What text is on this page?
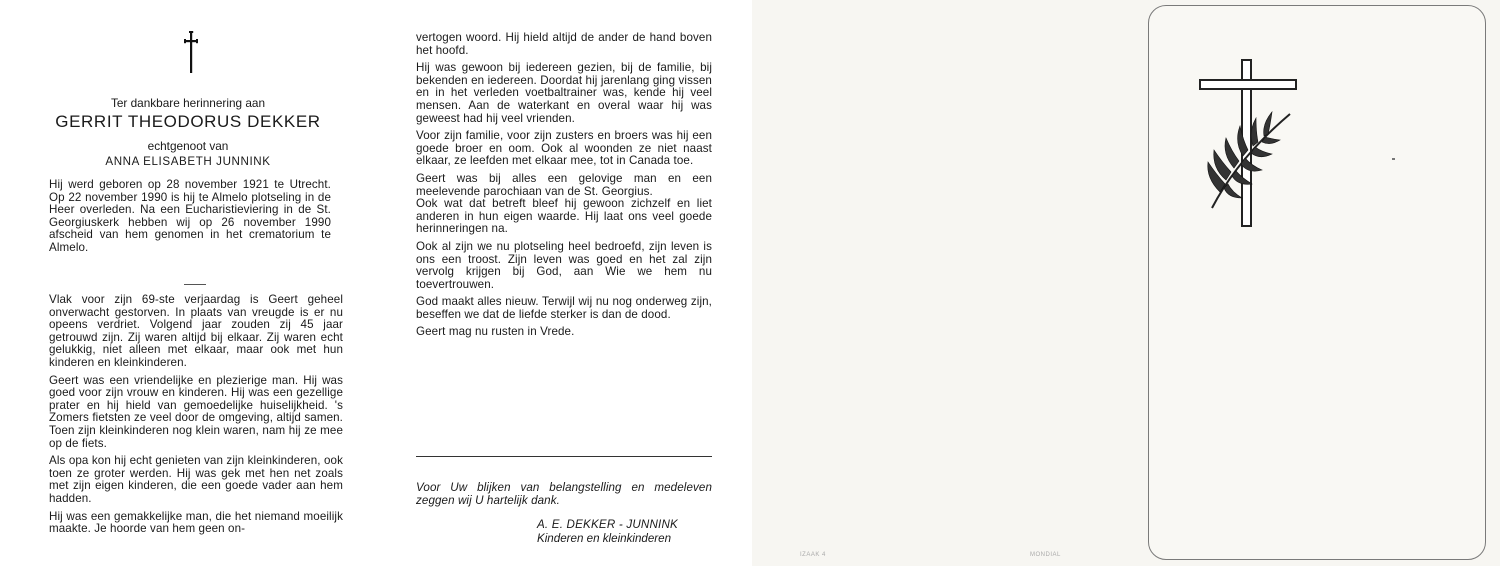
Ter dankbare herinnering aan
GERRIT THEODORUS DEKKER
echtgenoot van
ANNA ELISABETH JUNNINK
Hij werd geboren op 28 november 1921 te Utrecht. Op 22 november 1990 is hij te Almelo plotseling in de Heer overleden. Na een Eucharistieviering in de St. Georgiuskerk hebben wij op 26 november 1990 afscheid van hem genomen in het crematorium te Almelo.

Vlak voor zijn 69-ste verjaardag is Geert geheel onverwacht gestorven. In plaats van vreugde is er nu opeens verdriet. Volgend jaar zouden zij 45 jaar getrouwd zijn. Zij waren altijd bij elkaar. Zij waren echt gelukkig, niet alleen met elkaar, maar ook met hun kinderen en kleinkinderen.

Geert was een vriendelijke en plezierige man. Hij was goed voor zijn vrouw en kinderen. Hij was een gezellige prater en hij hield van gemoedelijke huiselijkheid. 's Zomers fietsten ze veel door de omgeving, altijd samen. Toen zijn kleinkinderen nog klein waren, nam hij ze mee op de fiets.

Als opa kon hij echt genieten van zijn kleinkinderen, ook toen ze groter werden. Hij was gek met hen net zoals met zijn eigen kinderen, die een goede vader aan hem hadden.

Hij was een gemakkelijke man, die het niemand moeilijk maakte. Je hoorde van hem geen on-

vertogen woord. Hij hield altijd de ander de hand boven het hoofd.

Hij was gewoon bij iedereen gezien, bij de familie, bij bekenden en iedereen. Doordat hij jarenlang ging vissen en in het verleden voetbaltrainer was, kende hij veel mensen. Aan de waterkant en overal waar hij was geweest had hij veel vrienden.

Voor zijn familie, voor zijn zusters en broers was hij een goede broer en oom. Ook al woonden ze niet naast elkaar, ze leefden met elkaar mee, tot in Canada toe.

Geert was bij alles een gelovige man en een meelevende parochiaan van de St. Georgius.

Ook wat dat betreft bleef hij gewoon zichzelf en liet anderen in hun eigen waarde. Hij laat ons veel goede herinneringen na.

Ook al zijn we nu plotseling heel bedroefd, zijn leven is ons een troost. Zijn leven was goed en het zal zijn vervolg krijgen bij God, aan Wie we hem nu toevertrouwen.

God maakt alles nieuw. Terwijl wij nu nog onderweg zijn, beseffen we dat de liefde sterker is dan de dood.

Geert mag nu rusten in Vrede.

Voor Uw blijken van belangstelling en medeleven zeggen wij U hartelijk dank.
A. E. DEKKER - JUNNINK
Kinderen en kleinkinderen
IZAAK 4	MONDIAL
